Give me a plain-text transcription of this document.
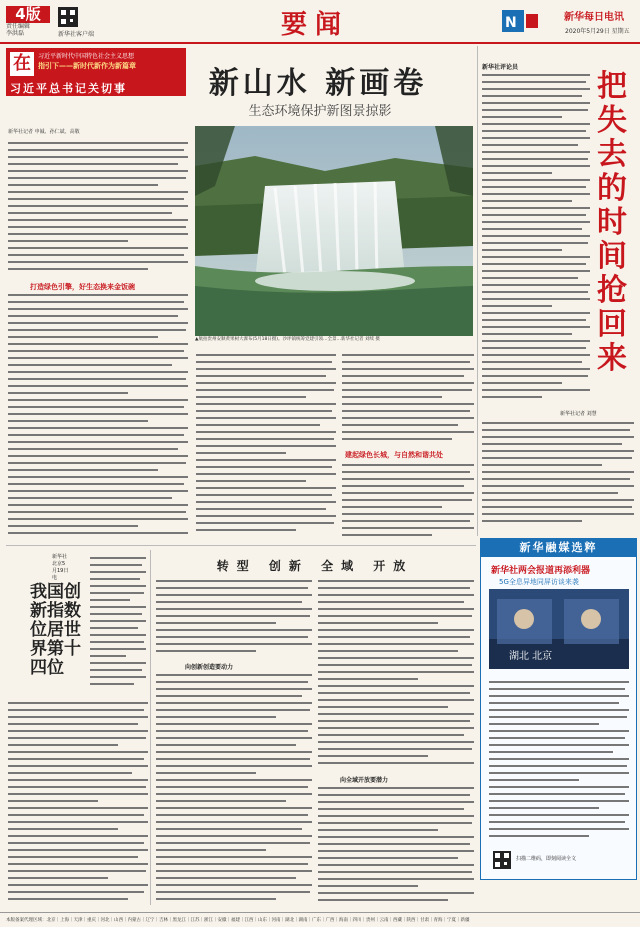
4版
责任编辑
李洪磊	新华社客户端	要闻	N	新华每日电讯
2020年5月29日 星期五
在	习近平新时代中国特色社会主义思想
指引下——新时代新作为新篇章
习近平总书记关切事	新山水 新画卷
生态环境保护新图景掠影
新华社记者 申铖、孙仁斌、高敬
▲航拍贵州安顺黄果树大瀑布(5月18日摄)。沙坪镇统筹党建引领…全景…新华社记者 刘续 摄
打造绿色引擎，好生态换来金饭碗
建起绿色长城，与自然和谐共处
新华社评论员
把失去的时间抢回来
新华社记者 刘慧
新华社北京5月19日电
我国创新指数位居世界第十四位
转型 创新 全域 开放
向创新创造要动力
向全域开放要潜力
新华融媒选粹
新华社两会报道再添利器
5G全息异地同屏访谈来袭
湖北 北京
扫描二维码，即刻阅读全文
本版备案代理区域：北京｜上海｜天津｜重庆｜河北｜山西｜内蒙古｜辽宁｜吉林｜黑龙江｜江苏｜浙江｜安徽｜福建｜江西｜山东｜河南｜湖北｜湖南｜广东｜广西｜海南｜四川｜贵州｜云南｜西藏｜陕西｜甘肃｜青海｜宁夏｜新疆
